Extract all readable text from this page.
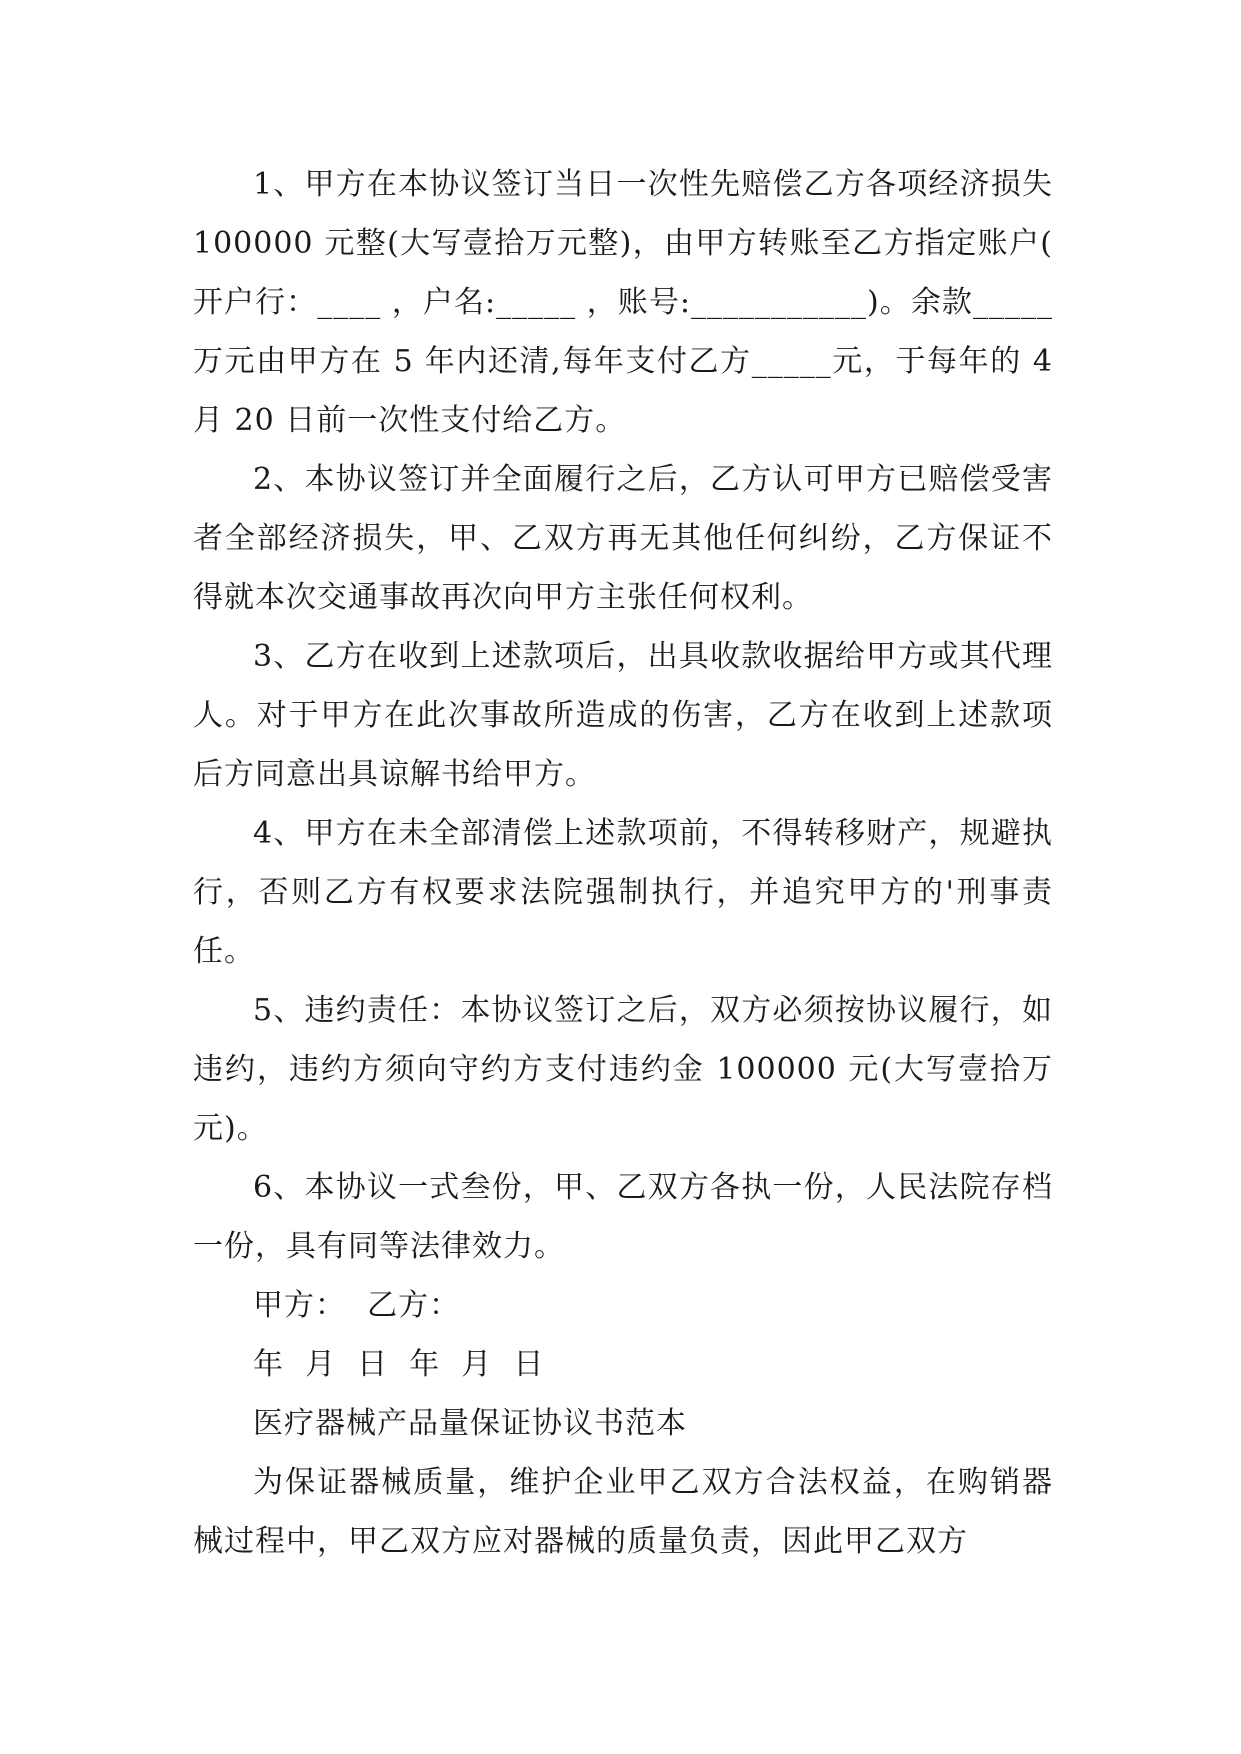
1、甲方在本协议签订当日一次性先赔偿乙方各项经济损失 100000 元整(大写壹拾万元整)，由甲方转账至乙方指定账户( 开户行：____ ，户名:_____ ，账号:___________)。余款_____万元由甲方在 5 年内还清,每年支付乙方_____元，于每年的 4 月 20 日前一次性支付给乙方。

2、本协议签订并全面履行之后，乙方认可甲方已赔偿受害者全部经济损失，甲、乙双方再无其他任何纠纷，乙方保证不得就本次交通事故再次向甲方主张任何权利。

3、乙方在收到上述款项后，出具收款收据给甲方或其代理人。对于甲方在此次事故所造成的伤害，乙方在收到上述款项后方同意出具谅解书给甲方。

4、甲方在未全部清偿上述款项前，不得转移财产，规避执行，否则乙方有权要求法院强制执行，并追究甲方的'刑事责任。

5、违约责任：本协议签订之后，双方必须按协议履行，如违约，违约方须向守约方支付违约金 100000 元(大写壹拾万元)。

6、本协议一式叁份，甲、乙双方各执一份，人民法院存档一份，具有同等法律效力。

甲方：  乙方：

年  月  日  年  月  日

医疗器械产品量保证协议书范本

为保证器械质量，维护企业甲乙双方合法权益，在购销器械过程中，甲乙双方应对器械的质量负责，因此甲乙双方
